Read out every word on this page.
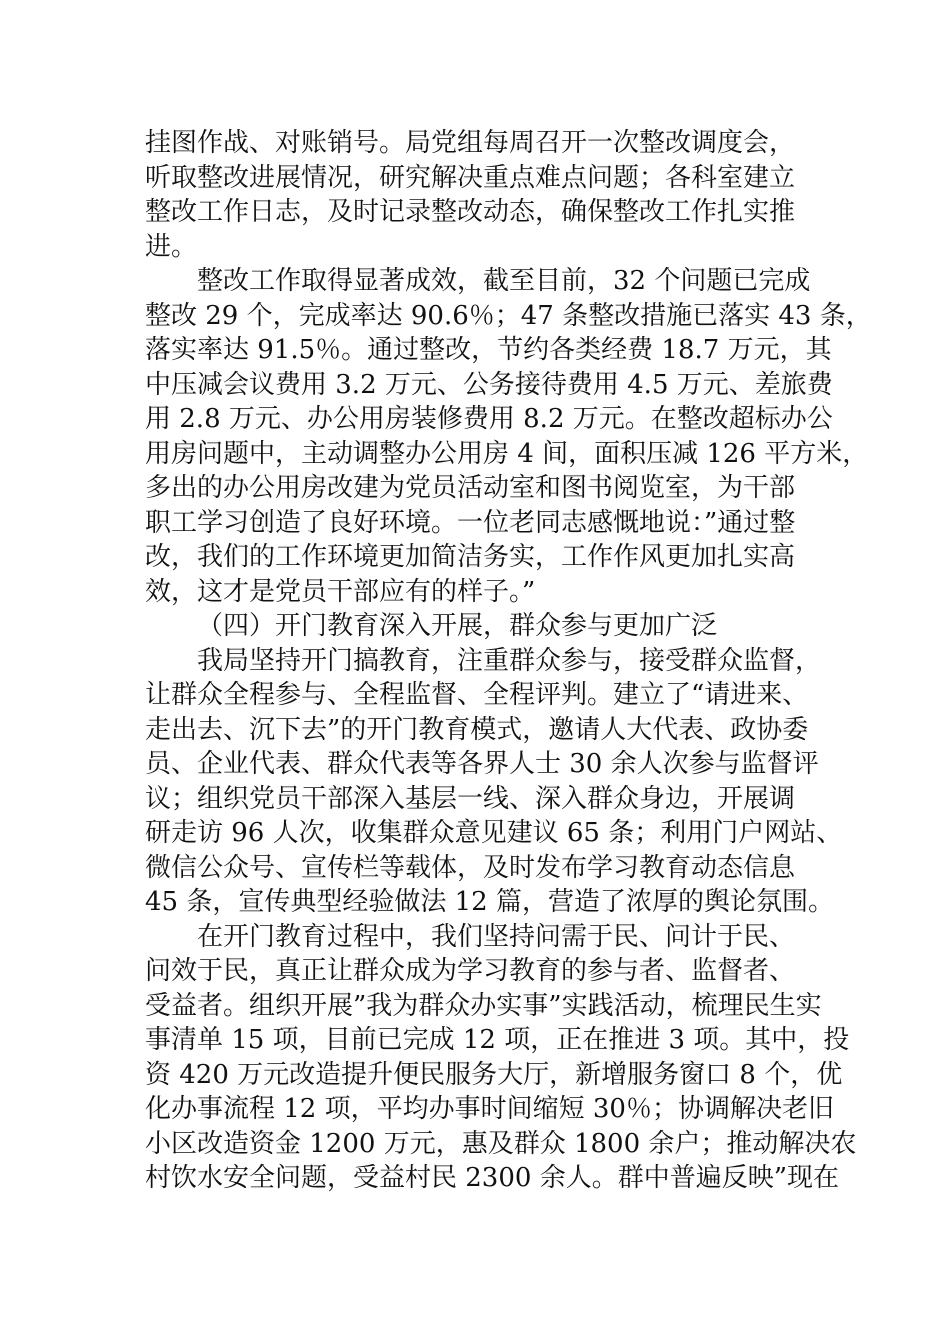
挂图作战、对账销号。局党组每周召开一次整改调度会，
听取整改进展情况，研究解决重点难点问题；各科室建立
整改工作日志，及时记录整改动态，确保整改工作扎实推
进。
整改工作取得显著成效，截至目前，32 个问题已完成
整改 29 个，完成率达 90.6％；47 条整改措施已落实 43 条，
落实率达 91.5％。通过整改，节约各类经费 18.7 万元，其
中压减会议费用 3.2 万元、公务接待费用 4.5 万元、差旅费
用 2.8 万元、办公用房装修费用 8.2 万元。在整改超标办公
用房问题中，主动调整办公用房 4 间，面积压减 126 平方米，
多出的办公用房改建为党员活动室和图书阅览室，为干部
职工学习创造了良好环境。一位老同志感慨地说：”通过整
改，我们的工作环境更加简洁务实，工作作风更加扎实高
效，这才是党员干部应有的样子。”
（四）开门教育深入开展，群众参与更加广泛
我局坚持开门搞教育，注重群众参与，接受群众监督，
让群众全程参与、全程监督、全程评判。建立了“请进来、
走出去、沉下去”的开门教育模式，邀请人大代表、政协委
员、企业代表、群众代表等各界人士 30 余人次参与监督评
议；组织党员干部深入基层一线、深入群众身边，开展调
研走访 96 人次，收集群众意见建议 65 条；利用门户网站、
微信公众号、宣传栏等载体，及时发布学习教育动态信息
45 条，宣传典型经验做法 12 篇，营造了浓厚的舆论氛围。
在开门教育过程中，我们坚持问需于民、问计于民、
问效于民，真正让群众成为学习教育的参与者、监督者、
受益者。组织开展”我为群众办实事”实践活动，梳理民生实
事清单 15 项，目前已完成 12 项，正在推进 3 项。其中，投
资 420 万元改造提升便民服务大厅，新增服务窗口 8 个，优
化办事流程 12 项，平均办事时间缩短 30％；协调解决老旧
小区改造资金 1200 万元，惠及群众 1800 余户；推动解决农
村饮水安全问题，受益村民 2300 余人。群中普遍反映”现在
